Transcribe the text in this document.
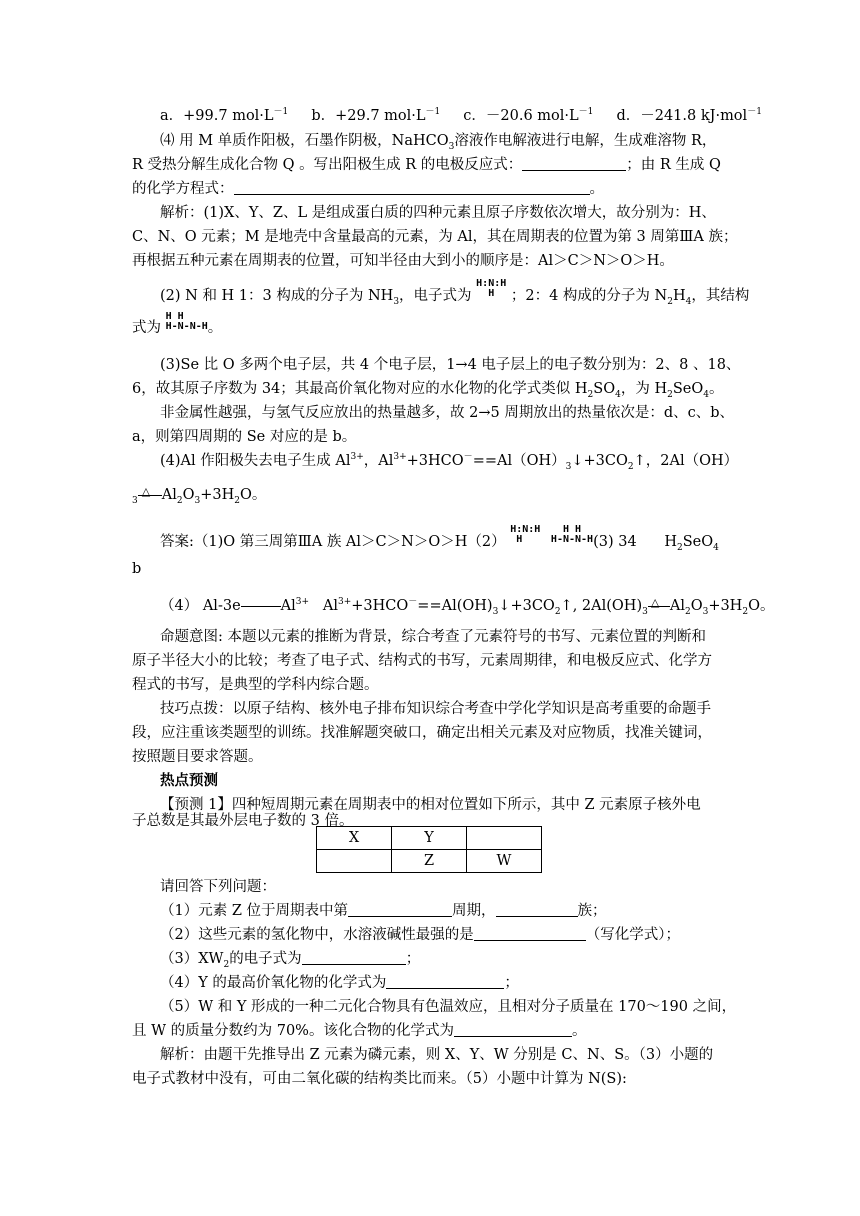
a．+99.7 $mol\cdot L^{-1}$ b．+29.7 $mol\cdot L^{-1}$ c．－20.6 $mol\cdot L^{-1}$ d．－241.8 kJ·mol$^{-1}$
⑷ 用 M 单质作阳极，石墨作阴极，NaHCO$_3$溶液作电解液进行电解，生成难溶物 R，
R 受热分解生成化合物 Q 。写出阳极生成 R 的电极反应式：	；由 R 生成 Q
的化学方程式：	。
解析：(1)X、Y、Z、L 是组成蛋白质的四种元素且原子序数依次增大，故分别为：H、
C、N、O 元素；M 是地壳中含量最高的元素，为 Al，其在周期表的位置为第 3 周第ⅢA 族；
再根据五种元素在周期表的位置，可知半径由大到小的顺序是：Al＞C＞N＞O＞H。
(2) N 和 H 1：3 构成的分子为 $NH_3$，电子式为 H:N:H
H ；2：4 构成的分子为 $N_2H_4$，其结构
式为 H H
H-N-N-H。
(3)Se 比 O 多两个电子层，共 4 个电子层，1→4 电子层上的电子数分别为：2、8 、18、
6，故其原子序数为 34；其最高价氧化物对应的水化物的化学式类似 $H_2SO_4$，为 $H_2SeO_4$。
非金属性越强，与氢气反应放出的热量越多，故 2→5 周期放出的热量依次是：d、c、b、
a，则第四周期的 Se 对应的是 b。
(4)Al 作阳极失去电子生成 $Al^{3+}$，$Al^{3+}+3HCO^-==Al(OH)_3↓+3CO_2↑$，2Al（OH）
$_3$
△ $Al_2O_3+3H_2O$。
答案:（1)O 第三周第ⅢA 族 Al＞C＞N＞O＞H（2） H:N:H
H   H H
H-N-N-H(3) 34 $H_2SeO_4$
b
（4） Al-3e	$Al^{3+}$ $Al^{3+}+3HCO^-==Al(OH)_3↓+3CO_2↑$, $2Al(OH)_3$
△ $Al_2O_3+3H_2O$。
命题意图: 本题以元素的推断为背景，综合考查了元素符号的书写、元素位置的判断和
原子半径大小的比较；考查了电子式、结构式的书写，元素周期律，和电极反应式、化学方
程式的书写，是典型的学科内综合题。
技巧点拨：以原子结构、核外电子排布知识综合考查中学化学知识是高考重要的命题手
段，应注重该类题型的训练。找准解题突破口，确定出相关元素及对应物质，找准关键词，
按照题目要求答题。
热点预测
【预测 1】四种短周期元素在周期表中的相对位置如下所示，其中 Z 元素原子核外电
子总数是其最外层电子数的 3 倍。
X	Y	
	Z	W
请回答下列问题：
（1）元素 Z 位于周期表中第	周期，	族；
（2）这些元素的氢化物中，水溶液碱性最强的是	（写化学式）；
$(3)XW_2$的电子式为	；
（4）Y 的最高价氧化物的化学式为	；
（5）W 和 Y 形成的一种二元化合物具有色温效应，且相对分子质量在 170～190 之间，
且 W 的质量分数约为 70%。该化合物的化学式为	。
解析：由题干先推导出 Z 元素为磷元素，则 X、Y、W 分别是 C、N、S。（3）小题的
电子式教材中没有，可由二氧化碳的结构类比而来。（5）小题中计算为 N(S):
